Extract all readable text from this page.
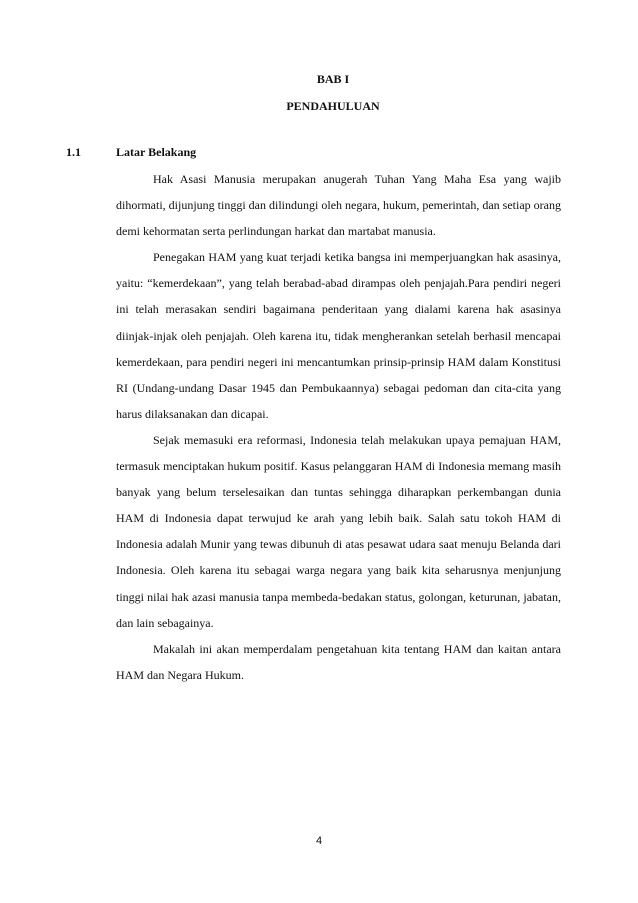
BAB I
PENDAHULUAN
1.1	Latar Belakang

Hak Asasi Manusia merupakan anugerah Tuhan Yang Maha Esa yang wajib dihormati, dijunjung tinggi dan dilindungi oleh negara, hukum, pemerintah, dan setiap orang demi kehormatan serta perlindungan harkat dan martabat manusia.

Penegakan HAM yang kuat terjadi ketika bangsa ini memperjuangkan hak asasinya, yaitu: “kemerdekaan”, yang telah berabad-abad dirampas oleh penjajah.Para pendiri negeri ini telah merasakan sendiri bagaimana penderitaan yang dialami karena hak asasinya diinjak-injak oleh penjajah. Oleh karena itu, tidak mengherankan setelah berhasil mencapai kemerdekaan, para pendiri negeri ini mencantumkan prinsip-prinsip HAM dalam Konstitusi RI (Undang-undang Dasar 1945 dan Pembukaannya) sebagai pedoman dan cita-cita yang harus dilaksanakan dan dicapai.

Sejak memasuki era reformasi, Indonesia telah melakukan upaya pemajuan HAM, termasuk menciptakan hukum positif. Kasus pelanggaran HAM di Indonesia memang masih banyak yang belum terselesaikan dan tuntas sehingga diharapkan perkembangan dunia HAM di Indonesia dapat terwujud ke arah yang lebih baik. Salah satu tokoh HAM di Indonesia adalah Munir yang tewas dibunuh di atas pesawat udara saat menuju Belanda dari Indonesia. Oleh karena itu sebagai warga negara yang baik kita seharusnya menjunjung tinggi nilai hak azasi manusia tanpa membeda-bedakan status, golongan, keturunan, jabatan, dan lain sebagainya.

Makalah ini akan memperdalam pengetahuan kita tentang HAM dan kaitan antara HAM dan Negara Hukum.

4
